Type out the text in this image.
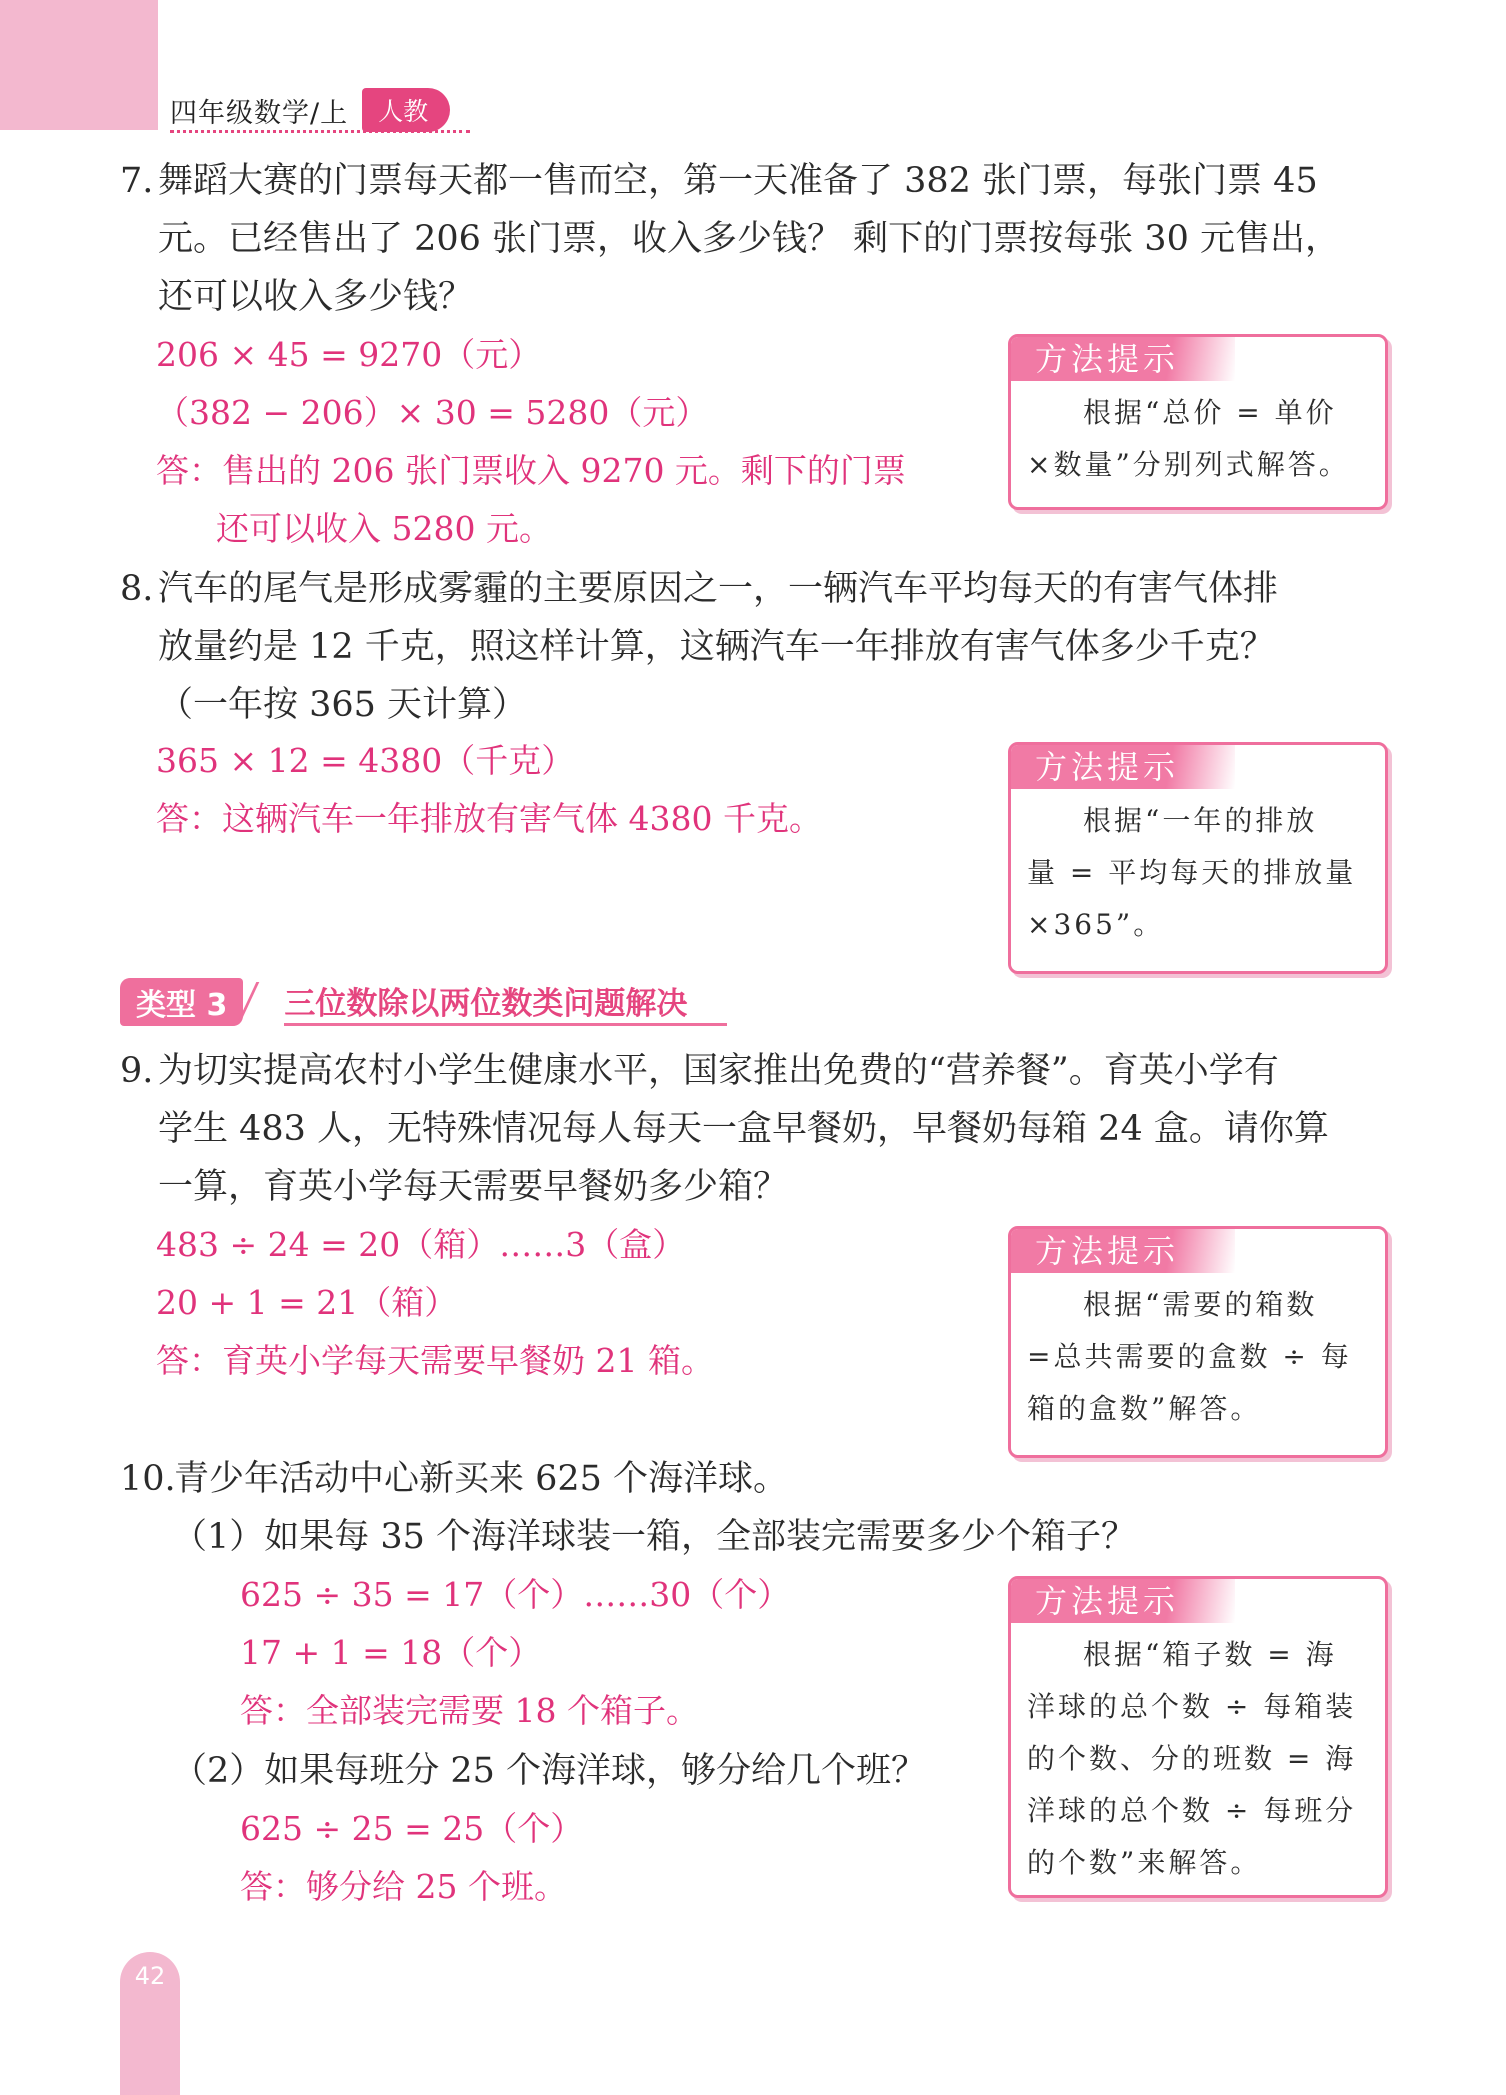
四年级数学/上	人教
7. 舞蹈大赛的门票每天都一售而空，第一天准备了 382 张门票，每张门票 45
元。已经售出了 206 张门票，收入多少钱？ 剩下的门票按每张 30 元售出，
还可以收入多少钱？
206 × 45 = 9270（元）
（382 − 206）× 30 = 5280（元）
答：售出的 206 张门票收入 9270 元。剩下的门票
还可以收入 5280 元。
方法提示
根据“总价 = 单价
×数量”分别列式解答。
8. 汽车的尾气是形成雾霾的主要原因之一，一辆汽车平均每天的有害气体排
放量约是 12 千克，照这样计算，这辆汽车一年排放有害气体多少千克？
（一年按 365 天计算）
365 × 12 = 4380（千克）
答：这辆汽车一年排放有害气体 4380 千克。
方法提示
根据“一年的排放
量 = 平均每天的排放量
×365”。
类型 3	三位数除以两位数类问题解决
9. 为切实提高农村小学生健康水平，国家推出免费的“营养餐”。育英小学有
学生 483 人，无特殊情况每人每天一盒早餐奶，早餐奶每箱 24 盒。请你算
一算，育英小学每天需要早餐奶多少箱？
483 ÷ 24 = 20（箱）……3（盒）
20 + 1 = 21（箱）
答：育英小学每天需要早餐奶 21 箱。
方法提示
根据“需要的箱数
=总共需要的盒数 ÷ 每
箱的盒数”解答。
10.
青少年活动中心新买来 625 个海洋球。
（1）如果每 35 个海洋球装一箱，全部装完需要多少个箱子？
625 ÷ 35 = 17（个）……30（个）
17 + 1 = 18（个）
答：全部装完需要 18 个箱子。
（2）如果每班分 25 个海洋球，够分给几个班？
625 ÷ 25 = 25（个）
答：够分给 25 个班。
方法提示
根据“箱子数 = 海
洋球的总个数 ÷ 每箱装
的个数、分的班数 = 海
洋球的总个数 ÷ 每班分
的个数”来解答。
42
